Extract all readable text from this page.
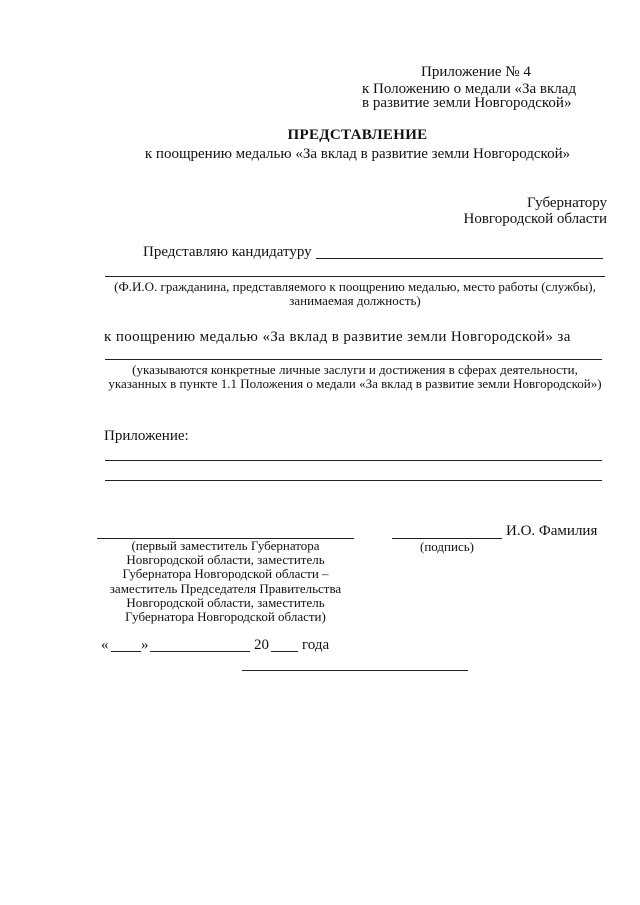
Приложение № 4
к Положению о медали «За вклад
в развитие земли Новгородской»
ПРЕДСТАВЛЕНИЕ
к поощрению медалью «За вклад в развитие земли Новгородской»
Губернатору
Новгородской области
Представляю кандидатуру
(Ф.И.О. гражданина, представляемого к поощрению медалью, место работы (службы),
занимаемая должность)
к поощрению медалью «За вклад в развитие земли Новгородской» за
(указываются конкретные личные заслуги и достижения в сферах деятельности,
указанных в пункте 1.1 Положения о медали «За вклад в развитие земли Новгородской»)
Приложение:
(первый заместитель Губернатора
Новгородской области, заместитель
Губернатора Новгородской области –
заместитель Председателя Правительства
Новгородской области, заместитель
Губернатора Новгородской области)
(подпись)
И.О. Фамилия
« »	20 года
